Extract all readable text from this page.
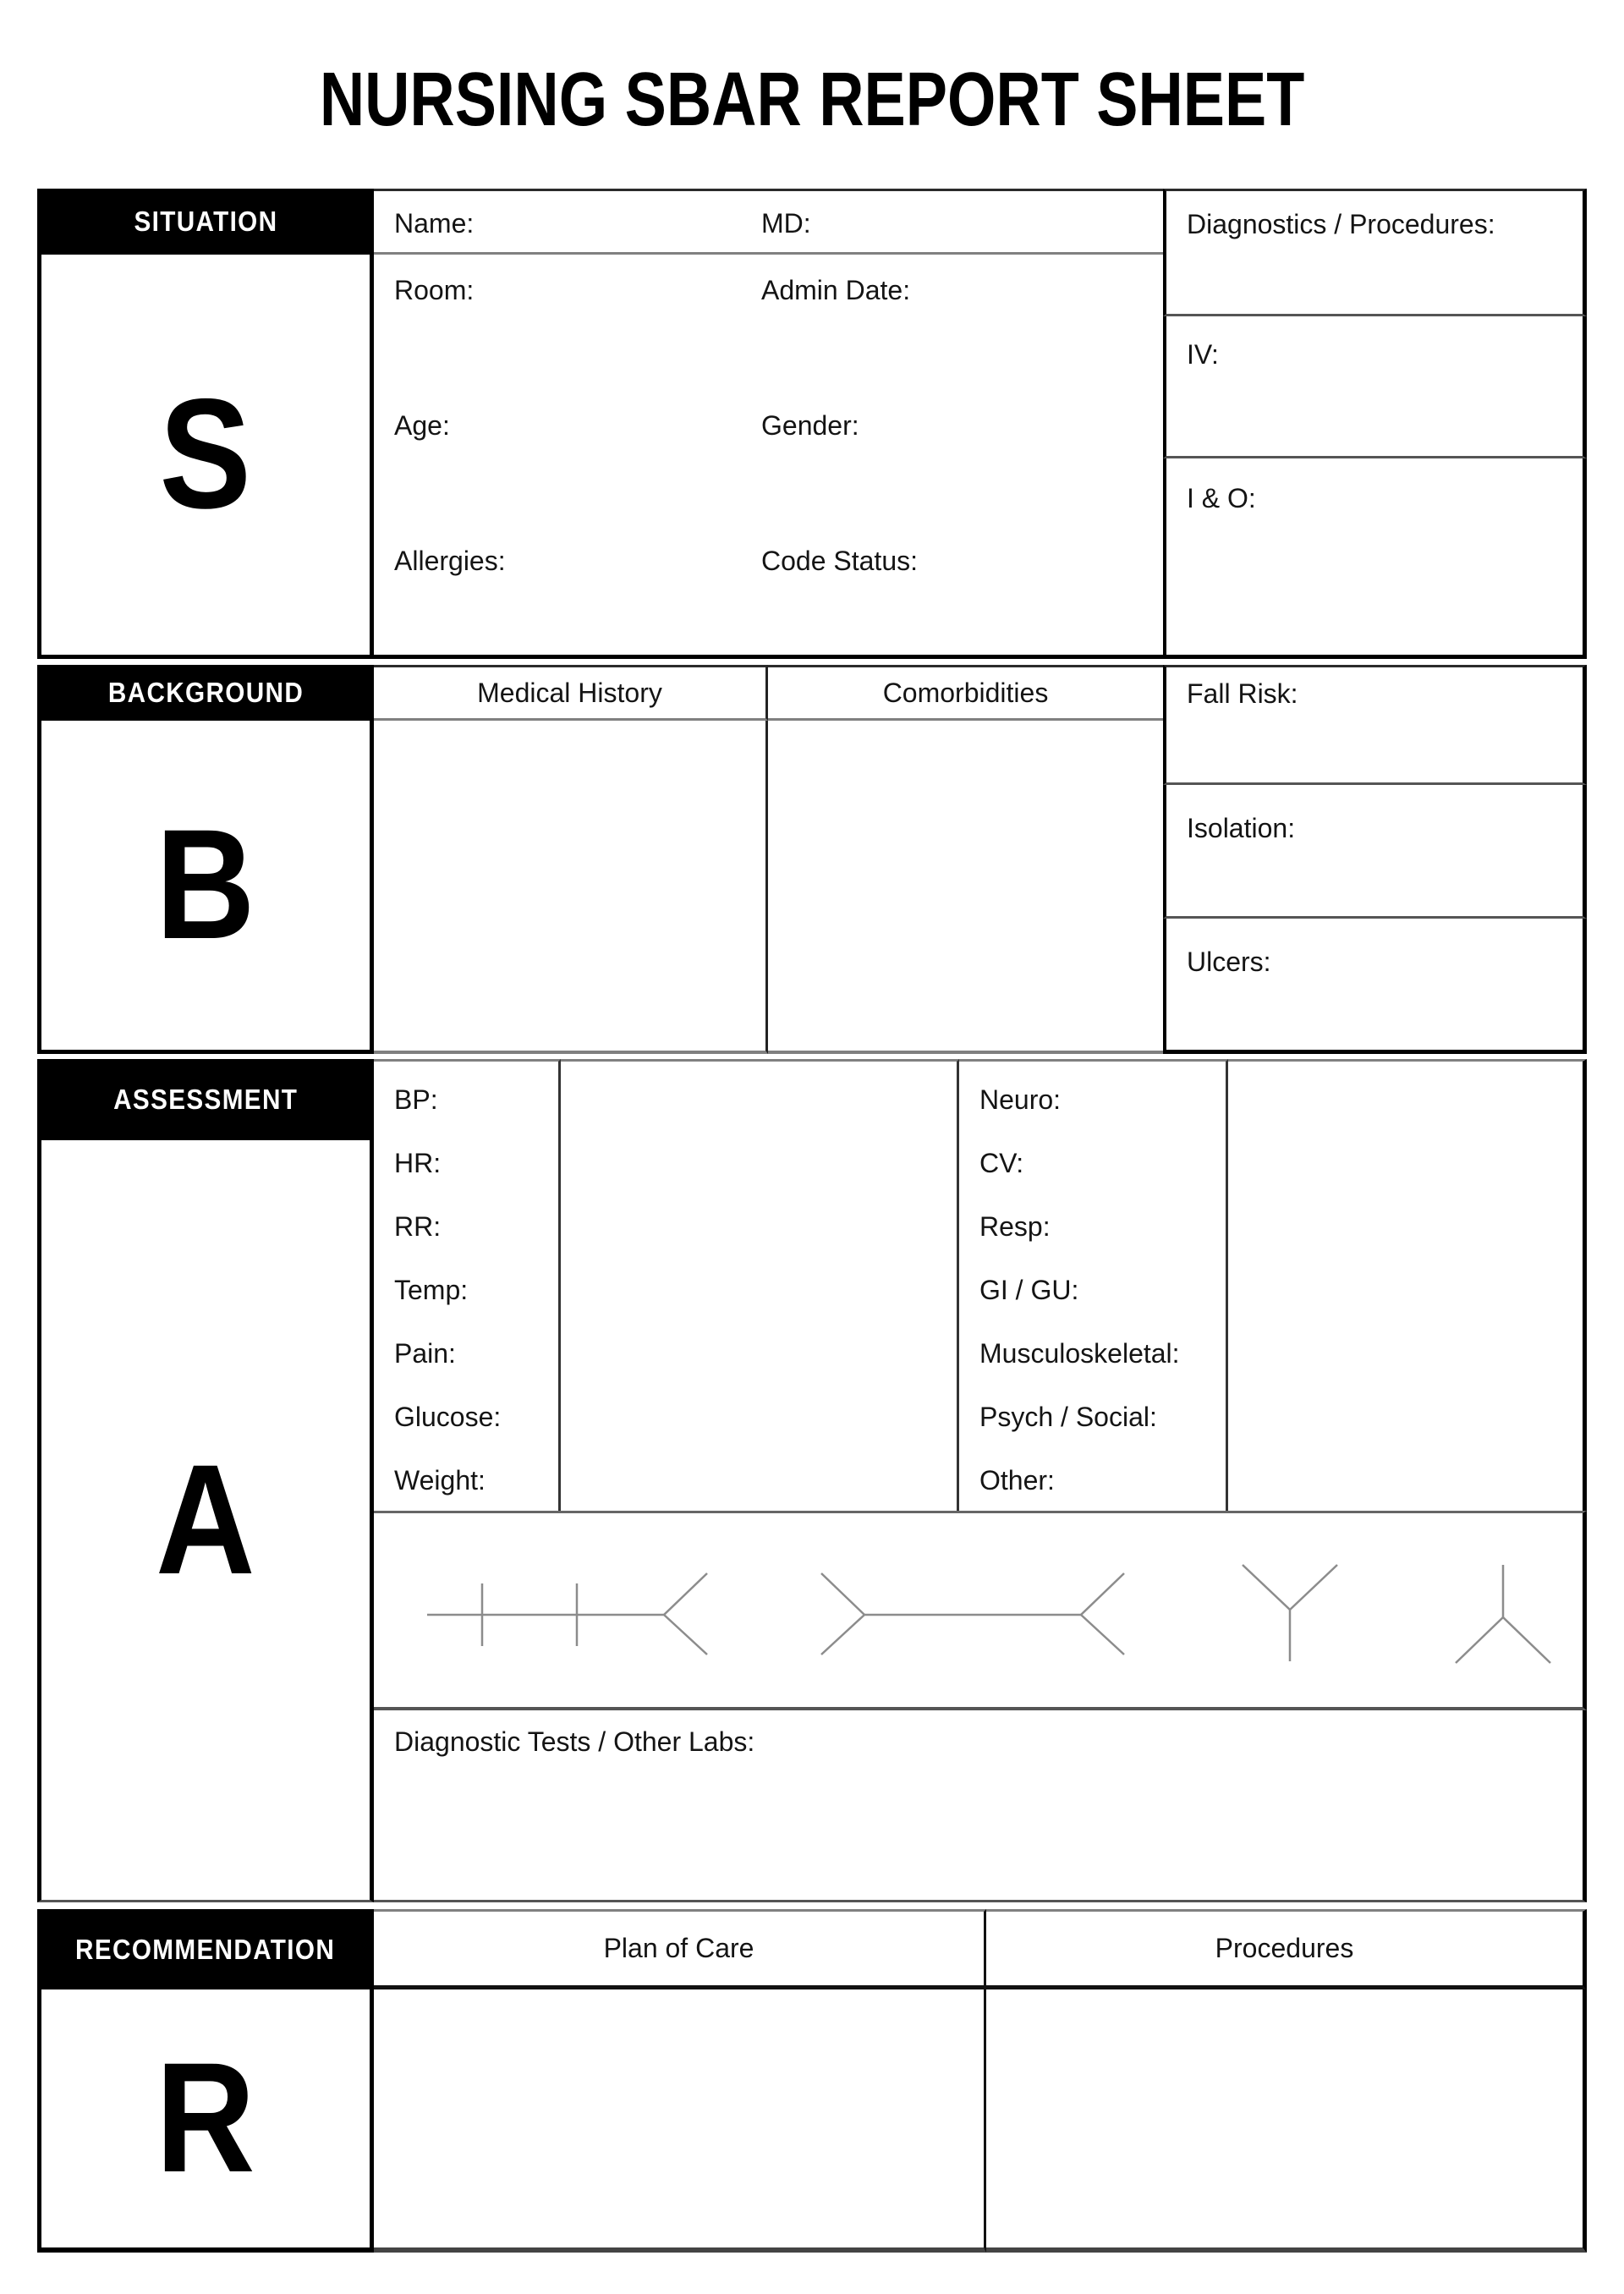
NURSING SBAR REPORT SHEET
SITUATION
S
Name:	MD:
Room:	Admin Date:
Age:	Gender:
Allergies:	Code Status:
Diagnostics / Procedures:
IV:
I & O:
BACKGROUND
B
Medical History	Comorbidities	Fall Risk:
Isolation:
Ulcers:
ASSESSMENT
A
BP:
HR:
RR:
Temp:
Pain:
Glucose:
Weight:
Neuro:
CV:
Resp:
GI / GU:
Musculoskeletal:
Psych / Social:
Other:
Diagnostic Tests / Other Labs:
RECOMMENDATION
R
Plan of Care	Procedures
